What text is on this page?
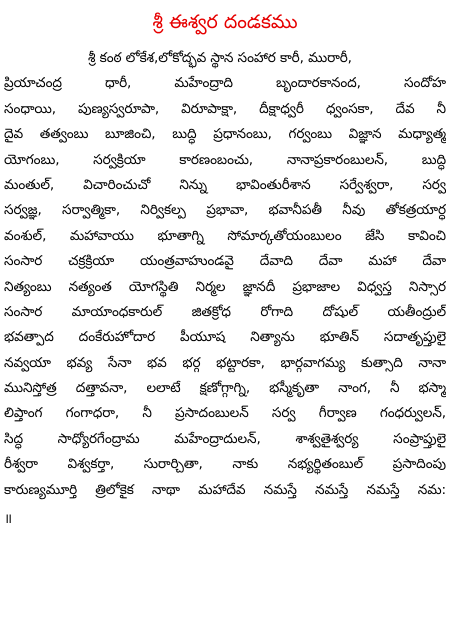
శ్రీ ఈశ్వర దండకము
శ్రీ కంఠ లోకేశ,లోకోద్భవ స్థాన సంహార కారీ, మురారీ,
ప్రియాచంద్ర ధారీ, మహేంద్రాది బృందారకానంద, సందోహ
సంధాయి, పుణ్యస్వరూపా, విరూపాక్షా, దీక్షాధ్వరీ ధ్వంసకా, దేవ నీ
దైవ తత్వంబు బూజించి, బుద్ధి ప్రధానంబు, గర్వంబు విజ్ఞాన మధ్యాత్మ
యోగంబు, సర్వక్రియా కారణంబంచు, నానాప్రకారంబులన్, బుద్ధి
మంతుల్, విచారించుచో నిన్ను భావింతురీశాన సర్వేశ్వరా, సర్వ
సర్వజ్ఞ, సర్వాత్మికా, నిర్వికల్ప ప్రభావా, భవానీపతీ నీవు తోకత్రయార్ధ
వంశుల్, మహావాయు భూతాగ్ని సోమార్కతోయంబులం జేసి కావించి
సంసార చక్రక్రియా యంత్రవాహుండవై దేవాది దేవా మహా దేవా
నిత్యంబు నత్యంత యోగస్థితి నిర్మల జ్ఞానదీ ప్రభాజాల విధ్వస్త నిస్సార
సంసార మాయాంధకారుల్ జితక్రోధ రోగాది దోషుల్ యతీంద్రుల్
భవత్పాద దంకేరుహోదార పీయూష నిత్యాను భూతిన్ సదాతృప్తులై
నవ్వయా భవ్య సేనా భవ భర్గ భట్టారకా, భార్గవాగమ్య కుత్సాది నానా
మునిస్తోత్ర దత్తావనా, లలాటే క్షణోగ్గాగ్ని, భస్మీకృతా నాంగ, నీ భస్మా
లిప్తాంగ గంగాధరా, నీ ప్రసాదంబులన్ సర్వ గీర్వాణ గంధర్వులన్,
సిద్ధ సాధ్యోరగేంద్రామ మహేంద్రాదులన్, శాశ్వతైశ్వర్య సంప్రాప్తులై
రీశ్వరా విశ్వకర్తా, సురార్చితా, నాకు నభ్యర్థితంబుల్ ప్రసాదింపు
కారుణ్యమూర్తి త్రిలోకైక నాథా మహాదేవ నమస్తే నమస్తే నమస్తే నమ:
॥
